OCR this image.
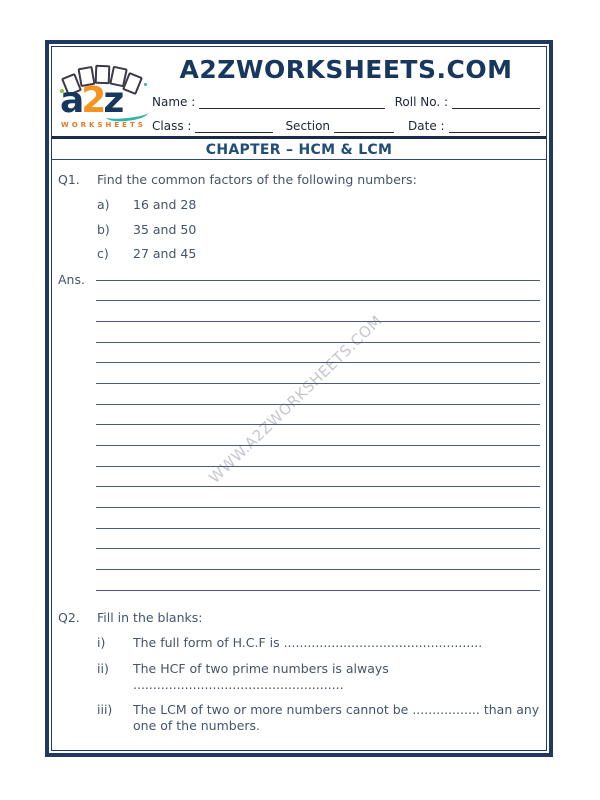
WWW.A2ZWORKSHEETS.COM
a2z
WORKSHEETS
A2ZWORKSHEETS.COM
Name :	Roll No. :
Class :	Section	Date :
CHAPTER – HCM & LCM
Q1.	Find the common factors of the following numbers:
a)	16 and 28
b)	35 and 50
c)	27 and 45
Ans.
Q2.	Fill in the blanks:
i)	The full form of H.C.F is ..................................................
ii)	The HCF of two prime numbers is always .....................................................
iii)	The LCM of two or more numbers cannot be ................. than any one of the numbers.
